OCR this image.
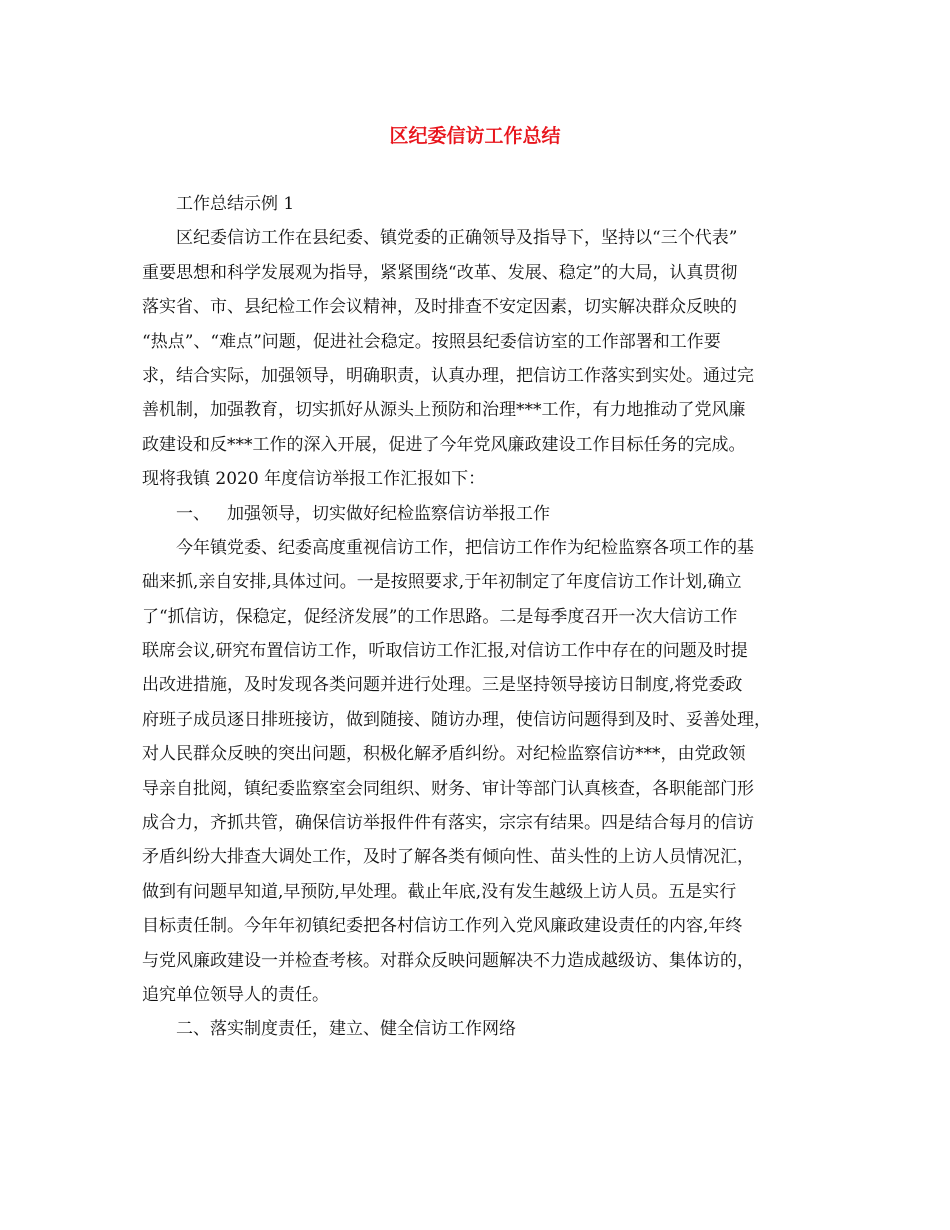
区纪委信访工作总结
工作总结示例 1
区纪委信访工作在县纪委、镇党委的正确领导及指导下，坚持以“三个代表”
重要思想和科学发展观为指导，紧紧围绕“改革、发展、稳定”的大局，认真贯彻
落实省、市、县纪检工作会议精神，及时排查不安定因素，切实解决群众反映的
“热点”、“难点”问题，促进社会稳定。按照县纪委信访室的工作部署和工作要
求，结合实际，加强领导，明确职责，认真办理，把信访工作落实到实处。通过完
善机制，加强教育，切实抓好从源头上预防和治理***工作，有力地推动了党风廉
政建设和反***工作的深入开展，促进了今年党风廉政建设工作目标任务的完成。
现将我镇 2020 年度信访举报工作汇报如下：
一、 加强领导，切实做好纪检监察信访举报工作
今年镇党委、纪委高度重视信访工作，把信访工作作为纪检监察各项工作的基
础来抓,亲自安排,具体过问。一是按照要求,于年初制定了年度信访工作计划,确立
了“抓信访，保稳定，促经济发展”的工作思路。二是每季度召开一次大信访工作
联席会议,研究布置信访工作，听取信访工作汇报,对信访工作中存在的问题及时提
出改进措施，及时发现各类问题并进行处理。三是坚持领导接访日制度,将党委政
府班子成员逐日排班接访，做到随接、随访办理，使信访问题得到及时、妥善处理，
对人民群众反映的突出问题，积极化解矛盾纠纷。对纪检监察信访***，由党政领
导亲自批阅，镇纪委监察室会同组织、财务、审计等部门认真核查，各职能部门形
成合力，齐抓共管，确保信访举报件件有落实，宗宗有结果。四是结合每月的信访
矛盾纠纷大排查大调处工作，及时了解各类有倾向性、苗头性的上访人员情况汇，
做到有问题早知道,早预防,早处理。截止年底,没有发生越级上访人员。五是实行
目标责任制。今年年初镇纪委把各村信访工作列入党风廉政建设责任的内容,年终
与党风廉政建设一并检查考核。对群众反映问题解决不力造成越级访、集体访的，
追究单位领导人的责任。
二、落实制度责任，建立、健全信访工作网络
